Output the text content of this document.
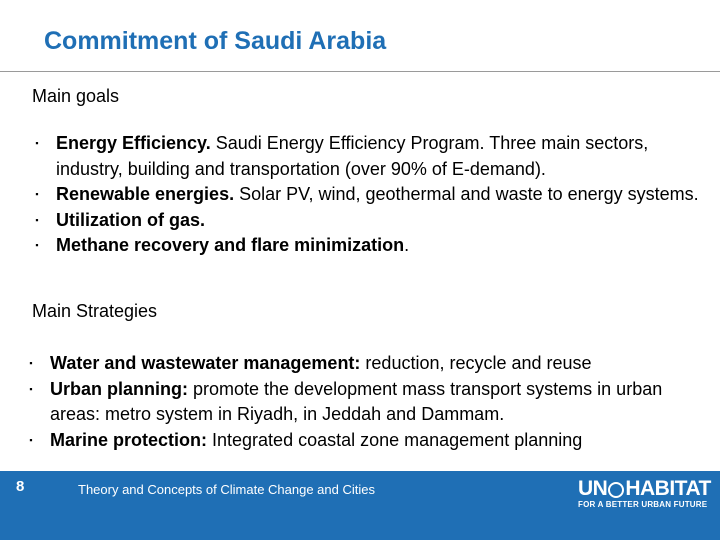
Commitment of Saudi Arabia
Main goals
▪ Energy Efficiency. Saudi Energy Efficiency Program. Three main sectors, industry, building and transportation (over 90% of E-demand).
▪ Renewable energies. Solar PV, wind, geothermal and waste to energy systems.
▪ Utilization of gas.
▪ Methane recovery and flare minimization.
Main Strategies
▪ Water and wastewater management: reduction, recycle and reuse
▪ Urban planning: promote the development mass transport systems in urban areas: metro system in Riyadh, in Jeddah and Dammam.
▪ Marine protection: Integrated coastal zone management planning
8	Theory and Concepts of Climate Change and Cities	UN HABITAT
FOR A BETTER URBAN FUTURE
